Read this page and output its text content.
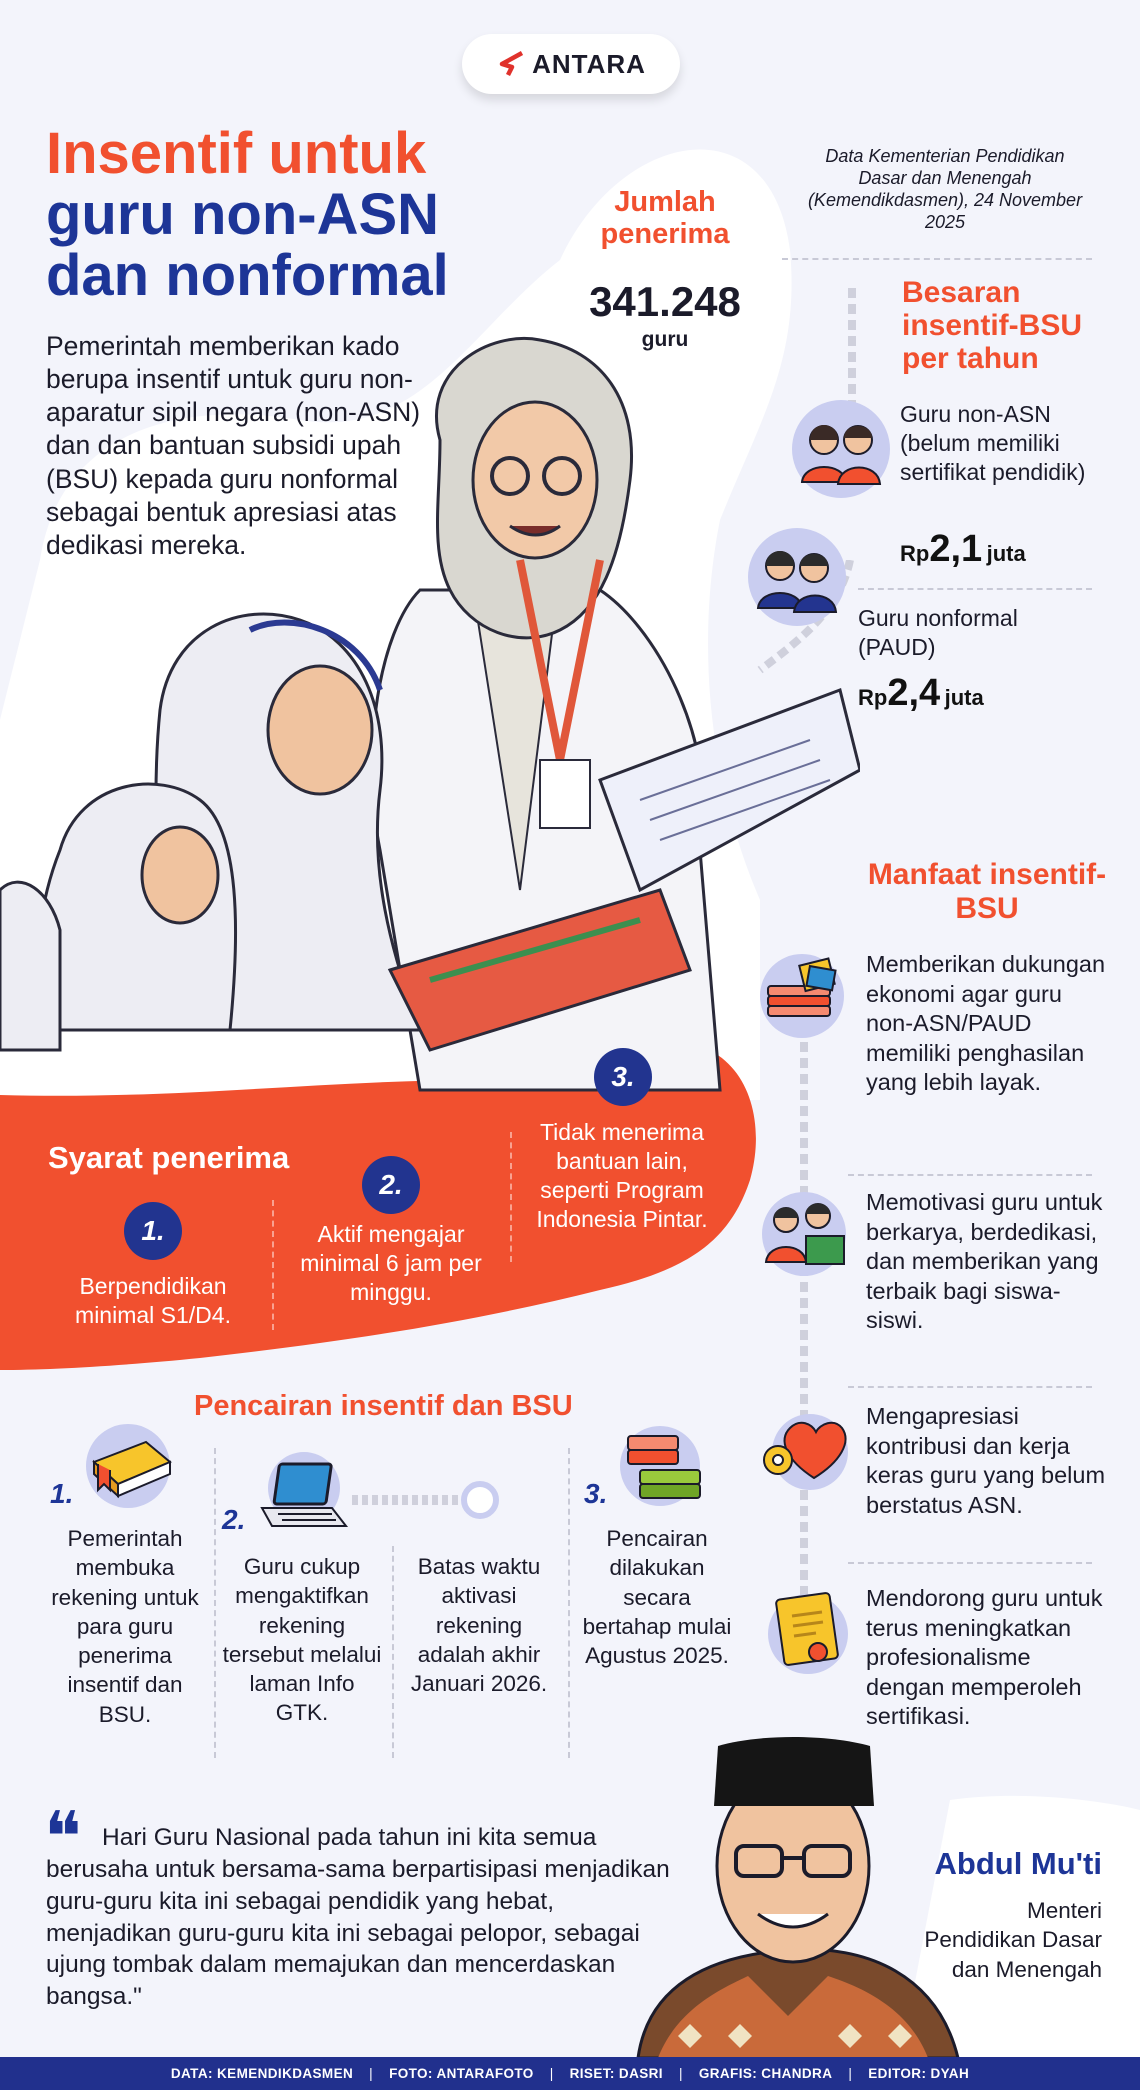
ANTARA
Insentif untuk
guru non-ASN
dan nonformal
Pemerintah memberikan kado berupa insentif untuk guru non-aparatur sipil negara (non-ASN) dan dan bantuan subsidi upah (BSU) kepada guru nonformal sebagai bentuk apresiasi atas dedikasi mereka.
Data Kementerian Pendidikan Dasar dan Menengah (Kemendikdasmen), 24 November 2025
Jumlah penerima
341.248
guru
Besaran insentif-BSU per tahun
Guru non-ASN (belum memiliki sertifikat pendidik)
Rp2,1 juta
Guru nonformal (PAUD)
Rp2,4 juta
Syarat penerima
1.
Berpendidikan minimal S1/D4.
2.
Aktif mengajar minimal 6 jam per minggu.
3.
Tidak menerima bantuan lain, seperti Program Indonesia Pintar.
Manfaat insentif-BSU
Memberikan dukungan ekonomi agar guru non-ASN/PAUD memiliki penghasilan yang lebih layak.
Memotivasi guru untuk berkarya, berdedikasi, dan memberikan yang terbaik bagi siswa-siswi.
Mengapresiasi kontribusi dan kerja keras guru yang belum berstatus ASN.
Mendorong guru untuk terus meningkatkan profesionalisme dengan memperoleh sertifikasi.
Pencairan insentif dan BSU
1.
Pemerintah membuka rekening untuk para guru penerima insentif dan BSU.
2.
Guru cukup mengaktifkan rekening tersebut melalui laman Info GTK.
Batas waktu aktivasi rekening adalah akhir Januari 2026.
3.
Pencairan dilakukan secara bertahap mulai Agustus 2025.
❝	Hari Guru Nasional pada tahun ini kita semua berusaha untuk bersama-sama berpartisipasi menjadikan guru-guru kita ini sebagai pendidik yang hebat, menjadikan guru-guru kita ini sebagai pelopor, sebagai ujung tombak dalam memajukan dan mencerdaskan bangsa."
Abdul Mu'ti
Menteri Pendidikan Dasar dan Menengah
DATA: KEMENDIKDASMEN | FOTO: ANTARAFOTO | RISET: DASRI | GRAFIS: CHANDRA | EDITOR: DYAH
